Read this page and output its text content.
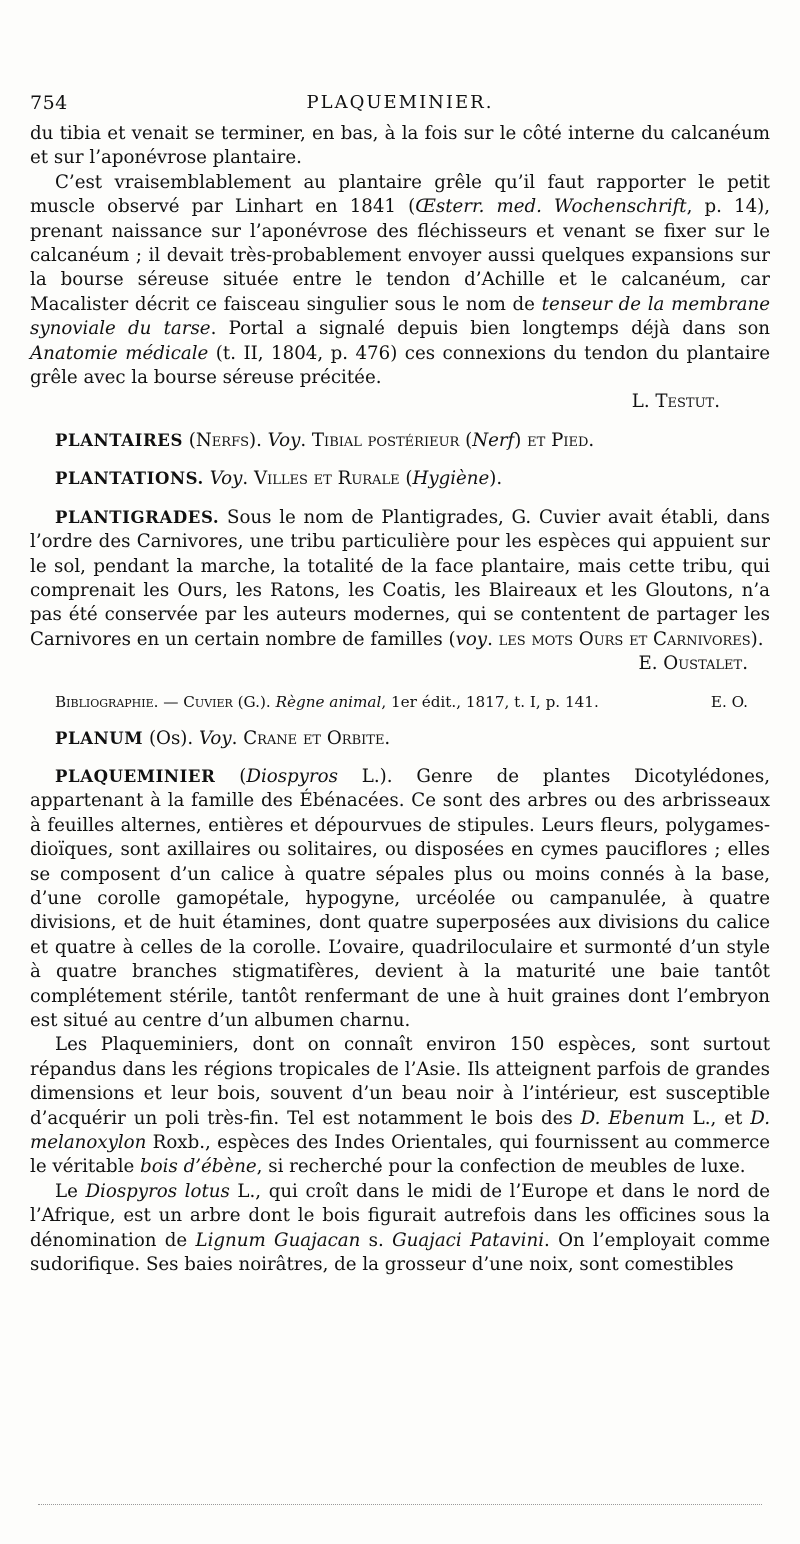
754	PLAQUEMINIER.

du tibia et venait se terminer, en bas, à la fois sur le côté interne du calcanéum et sur l’aponévrose plantaire.

C’est vraisemblablement au plantaire grêle qu’il faut rapporter le petit muscle observé par Linhart en 1841 (Œsterr. med. Wochenschrift, p. 14), prenant naissance sur l’aponévrose des fléchisseurs et venant se fixer sur le calcanéum ; il devait très-probablement envoyer aussi quelques expansions sur la bourse séreuse située entre le tendon d’Achille et le calcanéum, car Macalister décrit ce faisceau singulier sous le nom de tenseur de la membrane synoviale du tarse. Portal a signalé depuis bien longtemps déjà dans son Anatomie médicale (t. II, 1804, p. 476) ces connexions du tendon du plantaire grêle avec la bourse séreuse précitée.

L. Testut.

PLANTAIRES (Nerfs). Voy. Tibial postérieur (Nerf) et Pied.

PLANTATIONS. Voy. Villes et Rurale (Hygiène).

PLANTIGRADES. Sous le nom de Plantigrades, G. Cuvier avait établi, dans l’ordre des Carnivores, une tribu particulière pour les espèces qui appuient sur le sol, pendant la marche, la totalité de la face plantaire, mais cette tribu, qui comprenait les Ours, les Ratons, les Coatis, les Blaireaux et les Gloutons, n’a pas été conservée par les auteurs modernes, qui se contentent de partager les Carnivores en un certain nombre de familles (voy. les mots Ours et Carnivores).

E. Oustalet.

Bibliographie. — Cuvier (G.). Règne animal, 1er édit., 1817, t. I, p. 141.	E. O.

PLANUM (Os). Voy. Crane et Orbite.

PLAQUEMINIER (Diospyros L.). Genre de plantes Dicotylédones, appartenant à la famille des Ébénacées. Ce sont des arbres ou des arbrisseaux à feuilles alternes, entières et dépourvues de stipules. Leurs fleurs, polygames-dioïques, sont axillaires ou solitaires, ou disposées en cymes pauciflores ; elles se composent d’un calice à quatre sépales plus ou moins connés à la base, d’une corolle gamopétale, hypogyne, urcéolée ou campanulée, à quatre divisions, et de huit étamines, dont quatre superposées aux divisions du calice et quatre à celles de la corolle. L’ovaire, quadriloculaire et surmonté d’un style à quatre branches stigmatifères, devient à la maturité une baie tantôt complétement stérile, tantôt renfermant de une à huit graines dont l’embryon est situé au centre d’un albumen charnu.

Les Plaqueminiers, dont on connaît environ 150 espèces, sont surtout répandus dans les régions tropicales de l’Asie. Ils atteignent parfois de grandes dimensions et leur bois, souvent d’un beau noir à l’intérieur, est susceptible d’acquérir un poli très-fin. Tel est notamment le bois des D. Ebenum L., et D. melanoxylon Roxb., espèces des Indes Orientales, qui fournissent au commerce le véritable bois d’ébène, si recherché pour la confection de meubles de luxe.

Le Diospyros lotus L., qui croît dans le midi de l’Europe et dans le nord de l’Afrique, est un arbre dont le bois figurait autrefois dans les officines sous la dénomination de Lignum Guajacan s. Guajaci Patavini. On l’employait comme sudorifique. Ses baies noirâtres, de la grosseur d’une noix, sont comestibles
